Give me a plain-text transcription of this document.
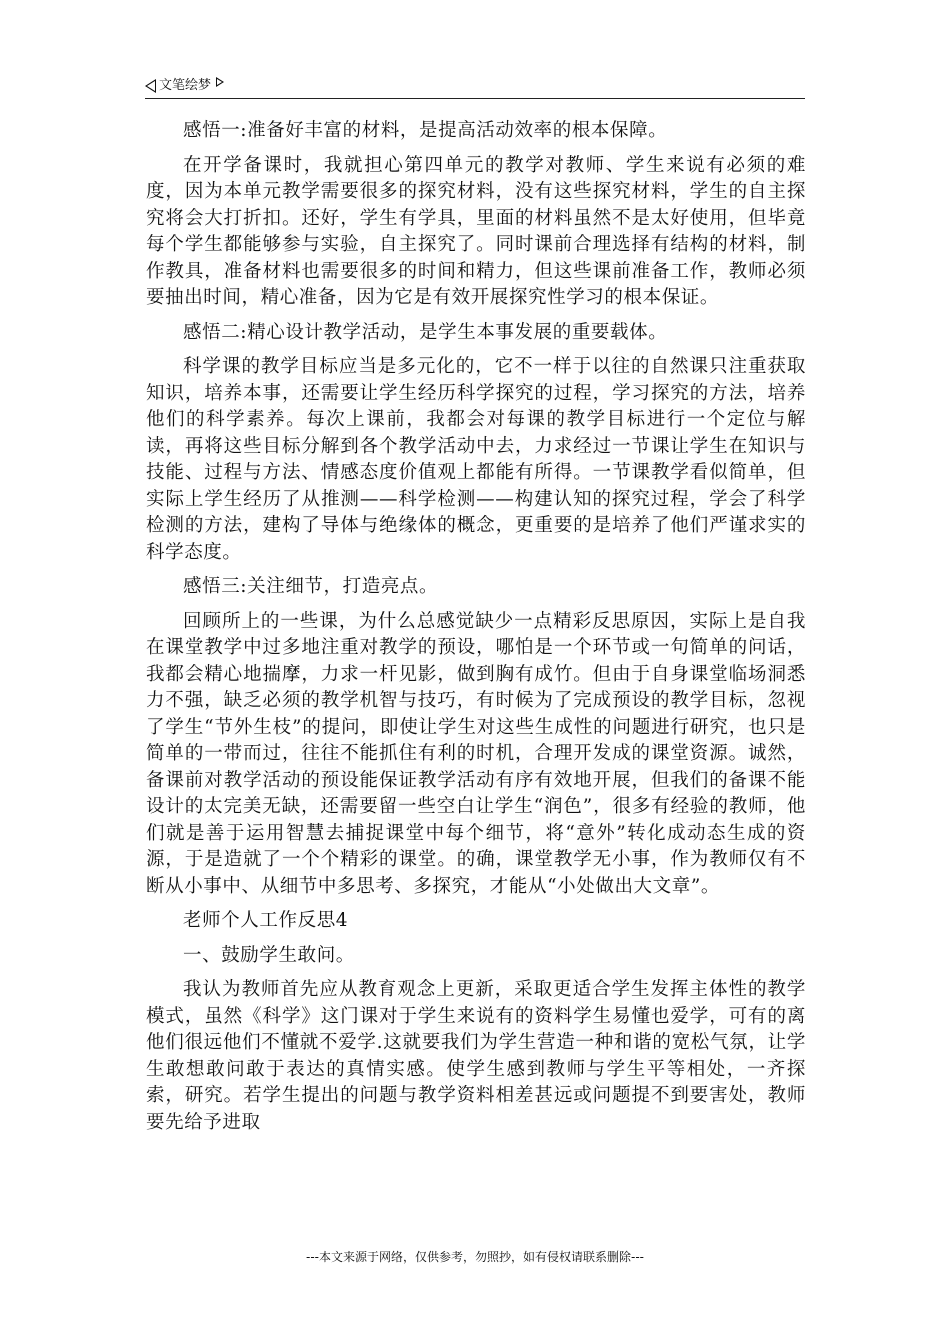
文笔绘梦

感悟一:准备好丰富的材料，是提高活动效率的根本保障。

在开学备课时，我就担心第四单元的教学对教师、学生来说有必须的难度，因为本单元教学需要很多的探究材料，没有这些探究材料，学生的自主探究将会大打折扣。还好，学生有学具，里面的材料虽然不是太好使用，但毕竟每个学生都能够参与实验，自主探究了。同时课前合理选择有结构的材料，制作教具，准备材料也需要很多的时间和精力，但这些课前准备工作，教师必须要抽出时间，精心准备，因为它是有效开展探究性学习的根本保证。

感悟二:精心设计教学活动，是学生本事发展的重要载体。

科学课的教学目标应当是多元化的，它不一样于以往的自然课只注重获取知识，培养本事，还需要让学生经历科学探究的过程，学习探究的方法，培养他们的科学素养。每次上课前，我都会对每课的教学目标进行一个定位与解读，再将这些目标分解到各个教学活动中去，力求经过一节课让学生在知识与技能、过程与方法、情感态度价值观上都能有所得。一节课教学看似简单，但实际上学生经历了从推测——科学检测——构建认知的探究过程，学会了科学检测的方法，建构了导体与绝缘体的概念，更重要的是培养了他们严谨求实的科学态度。

感悟三:关注细节，打造亮点。

回顾所上的一些课，为什么总感觉缺少一点精彩反思原因，实际上是自我在课堂教学中过多地注重对教学的预设，哪怕是一个环节或一句简单的问话，我都会精心地揣摩，力求一杆见影，做到胸有成竹。但由于自身课堂临场洞悉力不强，缺乏必须的教学机智与技巧，有时候为了完成预设的教学目标，忽视了学生“节外生枝”的提问，即使让学生对这些生成性的问题进行研究，也只是简单的一带而过，往往不能抓住有利的时机，合理开发成的课堂资源。诚然，备课前对教学活动的预设能保证教学活动有序有效地开展，但我们的备课不能设计的太完美无缺，还需要留一些空白让学生“润色”，很多有经验的教师，他们就是善于运用智慧去捕捉课堂中每个细节，将“意外”转化成动态生成的资源，于是造就了一个个精彩的课堂。的确，课堂教学无小事，作为教师仅有不断从小事中、从细节中多思考、多探究，才能从“小处做出大文章”。

老师个人工作反思4

一、鼓励学生敢问。

我认为教师首先应从教育观念上更新，采取更适合学生发挥主体性的教学模式，虽然《科学》这门课对于学生来说有的资料学生易懂也爱学，可有的离他们很远他们不懂就不爱学.这就要我们为学生营造一种和谐的宽松气氛，让学生敢想敢问敢于表达的真情实感。使学生感到教师与学生平等相处，一齐探索，研究。若学生提出的问题与教学资料相差甚远或问题提不到要害处，教师要先给予进取

---本文来源于网络，仅供参考，勿照抄，如有侵权请联系删除---
